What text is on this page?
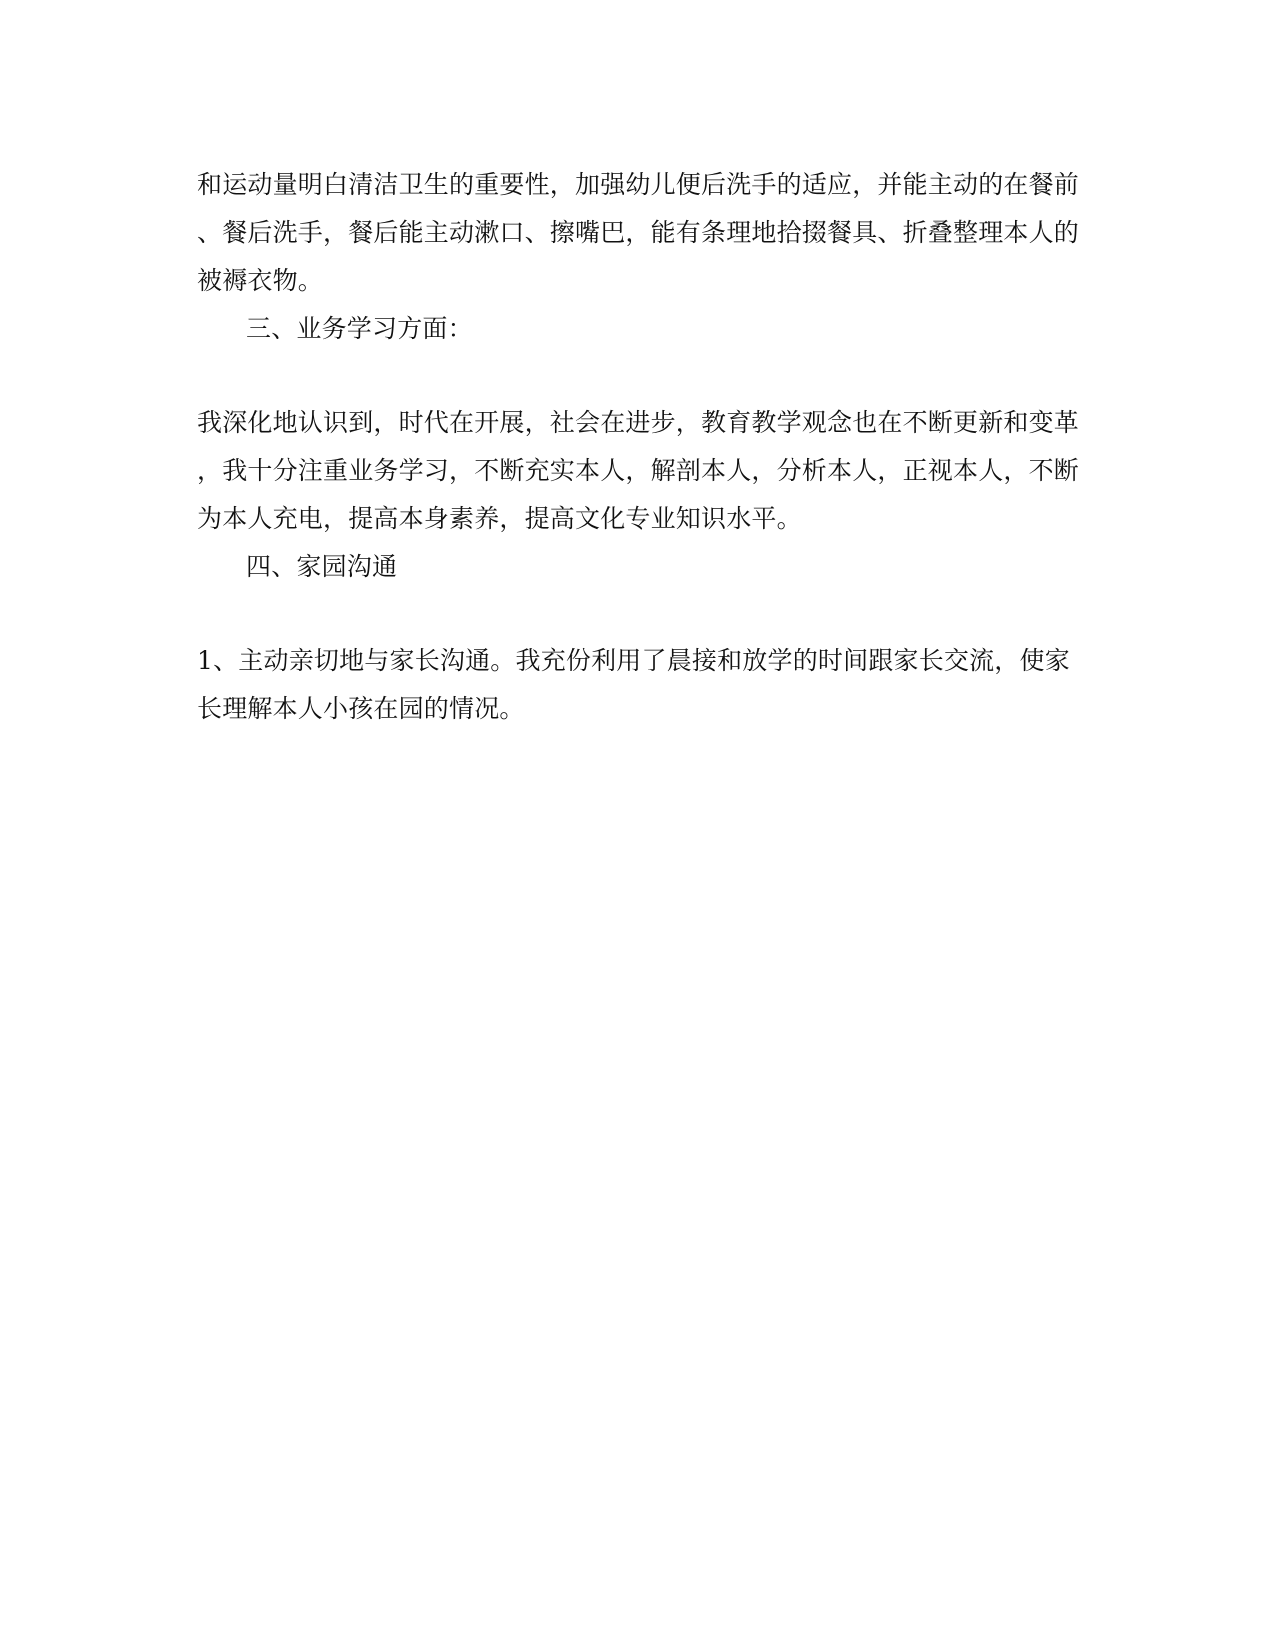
和运动量明白清洁卫生的重要性，加强幼儿便后洗手的适应，并能主动的在餐前
、餐后洗手，餐后能主动漱口、擦嘴巴，能有条理地拾掇餐具、折叠整理本人的
被褥衣物。
三、业务学习方面：
我深化地认识到，时代在开展，社会在进步，教育教学观念也在不断更新和变革
，我十分注重业务学习，不断充实本人，解剖本人，分析本人，正视本人，不断
为本人充电，提高本身素养，提高文化专业知识水平。
四、家园沟通
1、主动亲切地与家长沟通。我充份利用了晨接和放学的时间跟家长交流，使家
长理解本人小孩在园的情况。
